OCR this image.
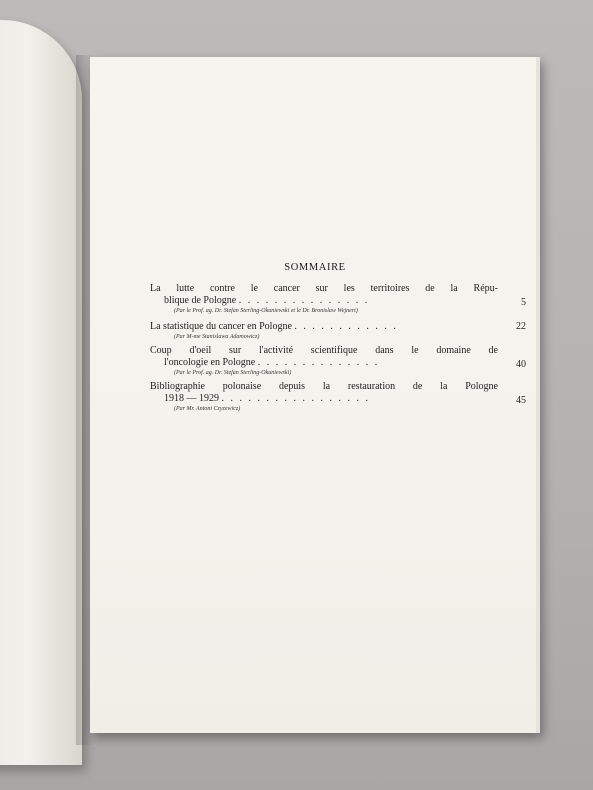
SOMMAIRE
La lutte contre le cancer sur les territoires de la Répu-
blique de Pologne . . . . . . . . . . . . . . .	5
(Par le Prof. ag. Dr. Stefan Sterling-Okuniewski et le Dr. Bronislaw Wejnert)
La statistique du cancer en Pologne . . . . . . . . . . . .	22
(Par M-me Stanislawa Adamowicz)
Coup d'oeil sur l'activité scientifique dans le domaine de
l'oncologie en Pologne . . . . . . . . . . . . . .	40
(Par le Prof. ag. Dr. Stefan Sterling-Okuniewski)
Bibliographie polonaise depuis la restauration de la Pologne
1918 — 1929 . . . . . . . . . . . . . . . . .	45
(Par Mr. Antoni Czyzewicz)
